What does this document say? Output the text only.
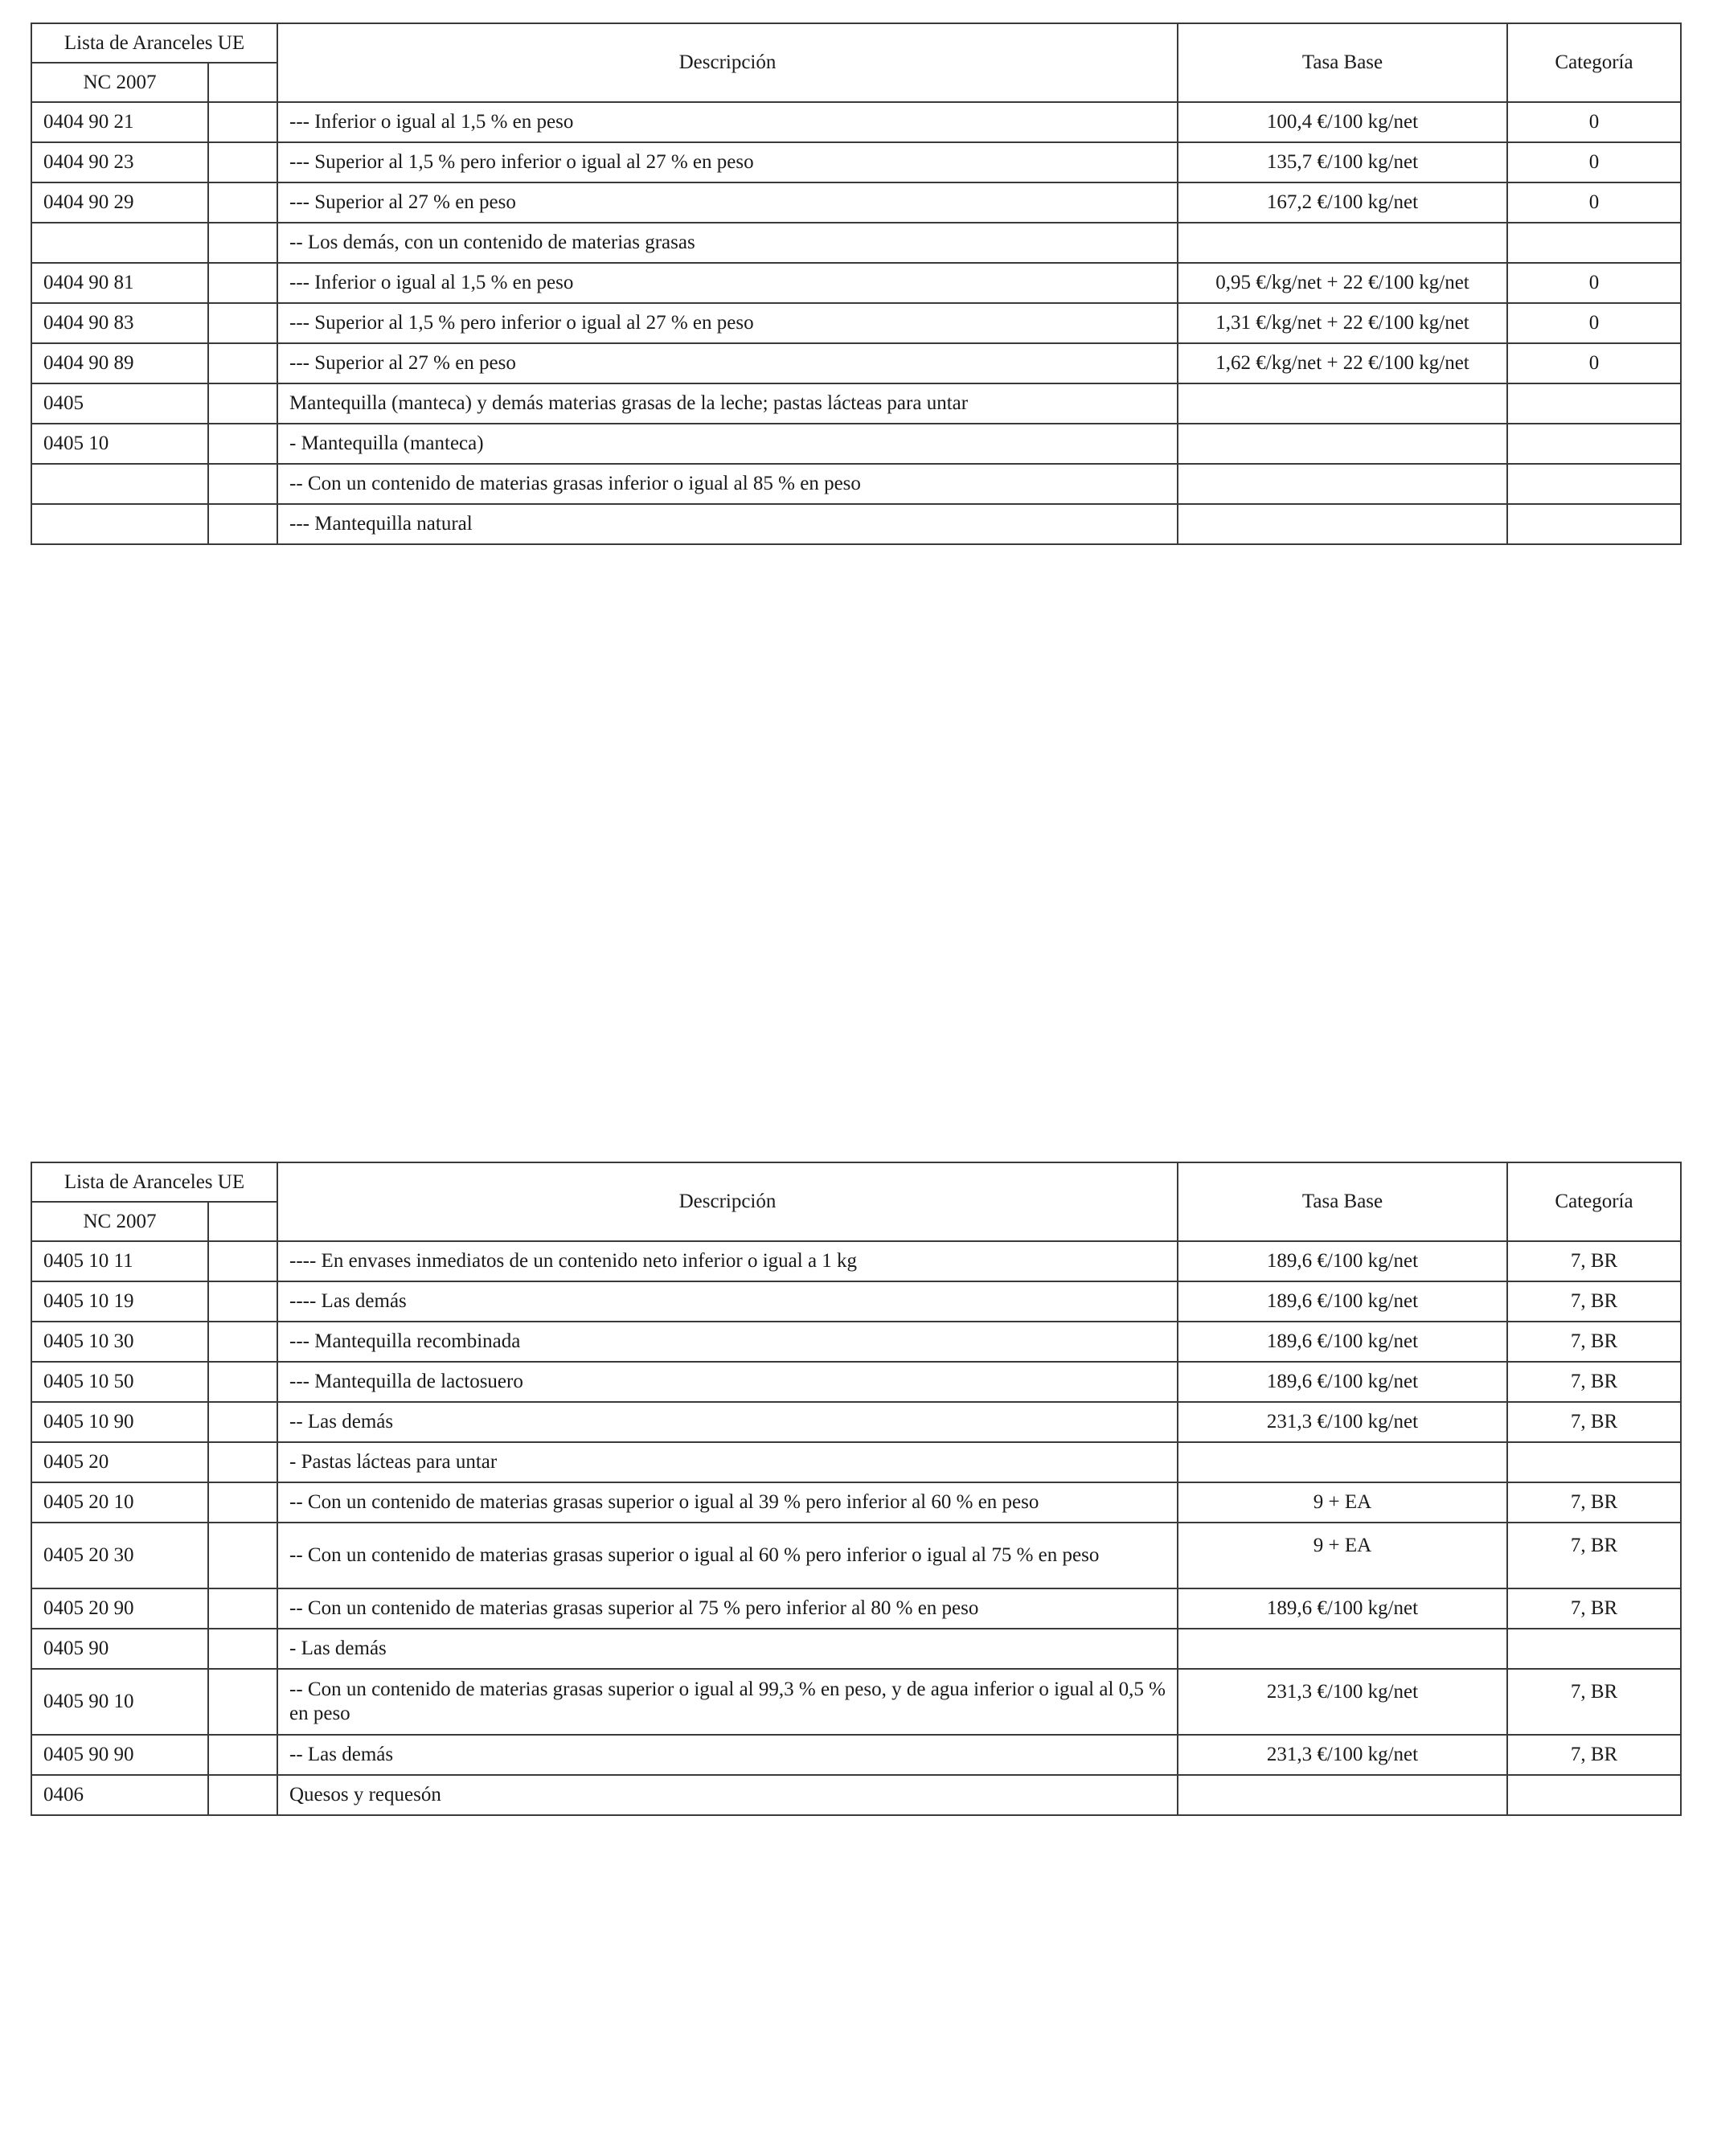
Lista de Aranceles UE		Descripción	Tasa Base	Categoría
NC 2007				
0404 90 21		--- Inferior o igual al 1,5 % en peso	100,4 €/100 kg/net	0
0404 90 23		--- Superior al 1,5 % pero inferior o igual al 27 % en peso	135,7 €/100 kg/net	0
0404 90 29		--- Superior al 27 % en peso	167,2 €/100 kg/net	0
		-- Los demás, con un contenido de materias grasas		
0404 90 81		--- Inferior o igual al 1,5 % en peso	0,95 €/kg/net + 22 €/100 kg/net	0
0404 90 83		--- Superior al 1,5 % pero inferior o igual al 27 % en peso	1,31 €/kg/net + 22 €/100 kg/net	0
0404 90 89		--- Superior al 27 % en peso	1,62 €/kg/net + 22 €/100 kg/net	0
0405		Mantequilla (manteca) y demás materias grasas de la leche; pastas lácteas para untar		
0405 10		- Mantequilla (manteca)		
		-- Con un contenido de materias grasas inferior o igual al 85 % en peso		
		--- Mantequilla natural		
Lista de Aranceles UE		Descripción	Tasa Base	Categoría
NC 2007				
0405 10 11		---- En envases inmediatos de un contenido neto inferior o igual a 1 kg	189,6 €/100 kg/net	7, BR
0405 10 19		---- Las demás	189,6 €/100 kg/net	7, BR
0405 10 30		--- Mantequilla recombinada	189,6 €/100 kg/net	7, BR
0405 10 50		--- Mantequilla de lactosuero	189,6 €/100 kg/net	7, BR
0405 10 90		-- Las demás	231,3 €/100 kg/net	7, BR
0405 20		- Pastas lácteas para untar		
0405 20 10		-- Con un contenido de materias grasas superior o igual al 39 % pero inferior al 60 % en peso	9 + EA	7, BR
0405 20 30		-- Con un contenido de materias grasas superior o igual al 60 % pero inferior o igual al 75 % en peso	9 + EA	7, BR
0405 20 90		-- Con un contenido de materias grasas superior al 75 % pero inferior al 80 % en peso	189,6 €/100 kg/net	7, BR
0405 90		- Las demás		
0405 90 10		-- Con un contenido de materias grasas superior o igual al 99,3 % en peso, y de agua inferior o igual al 0,5 % en peso	231,3 €/100 kg/net	7, BR
0405 90 90		-- Las demás	231,3 €/100 kg/net	7, BR
0406		Quesos y requesón		
